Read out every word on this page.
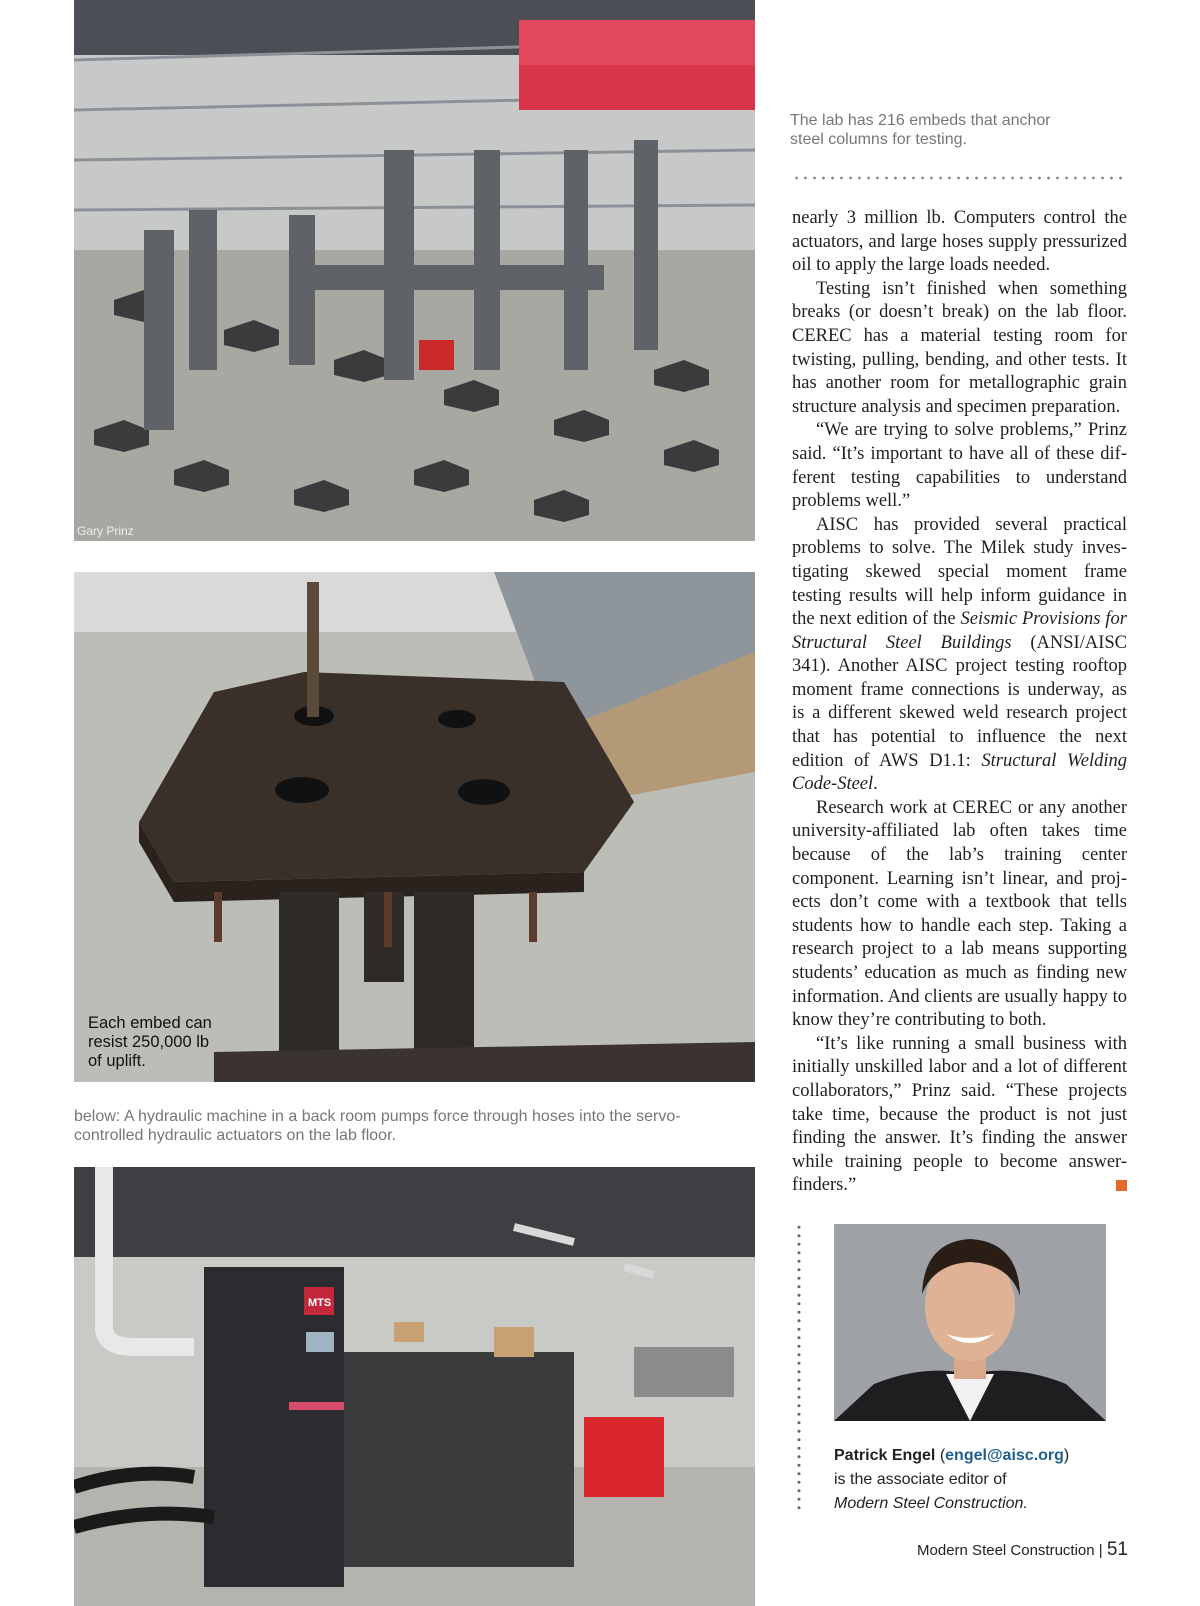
Gary Prinz
The lab has 216 embeds that anchor
steel columns for testing.
Each embed can
resist 250,000 lb
of uplift.
below: A hydraulic machine in a back room pumps force through hoses into the servo-
controlled hydraulic actuators on the lab floor.
MTS

nearly 3 million lb. Computers control the actuators, and large hoses supply pressurized oil to apply the large loads needed.

Testing isn’t finished when something breaks (or doesn’t break) on the lab floor. CEREC has a material testing room for twisting, pulling, bending, and other tests. It has another room for metallographic grain structure analysis and specimen preparation.

“We are trying to solve problems,” Prinz said. “It’s important to have all of these different testing capabilities to understand problems well.”

AISC has provided several practical problems to solve. The Milek study investigating skewed special moment frame testing results will help inform guidance in the next edition of the Seismic Provisions for Structural Steel Buildings (ANSI/AISC 341). Another AISC project testing rooftop moment frame connections is underway, as is a different skewed weld research project that has potential to influence the next edition of AWS D1.1: Structural Welding Code-Steel.

Research work at CEREC or any another university-affiliated lab often takes time because of the lab’s training center component. Learning isn’t linear, and projects don’t come with a textbook that tells students how to handle each step. Taking a research project to a lab means supporting students’ education as much as finding new information. And clients are usually happy to know they’re contributing to both.

“It’s like running a small business with initially unskilled labor and a lot of different collaborators,” Prinz said. “These projects take time, because the product is not just finding the answer. It’s finding the answer while training people to become answer-finders.”

Patrick Engel (engel@aisc.org)
is the associate editor of
Modern Steel Construction.
Modern Steel Construction | 51
